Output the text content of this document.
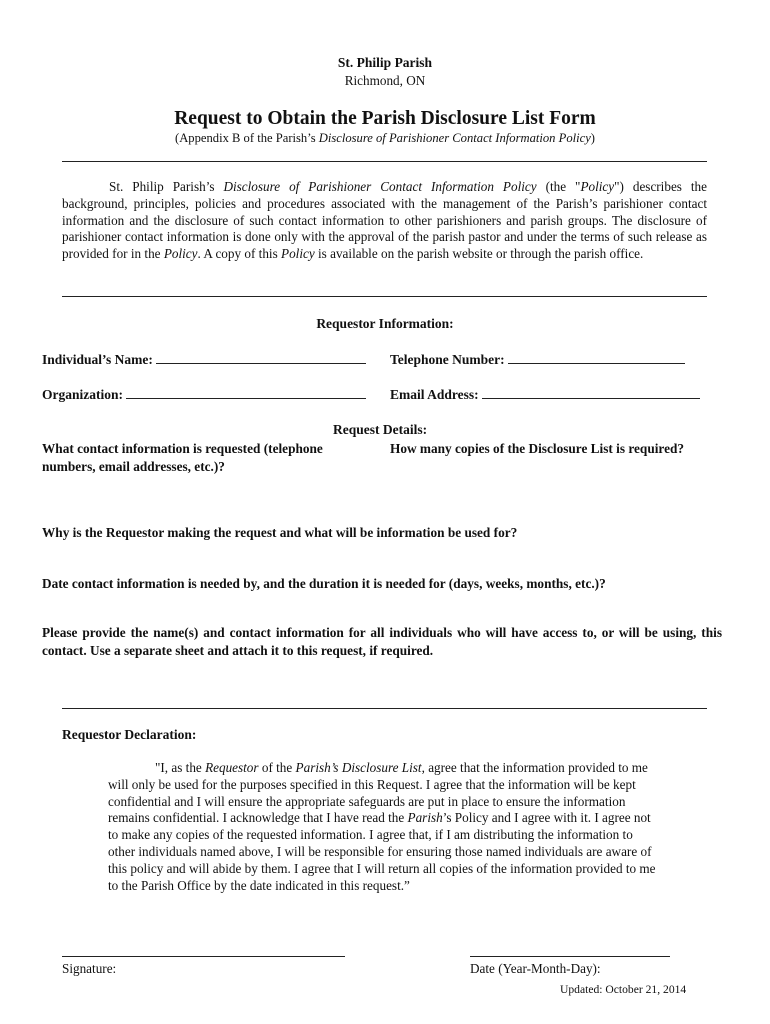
St. Philip Parish
Richmond, ON
Request to Obtain the Parish Disclosure List Form
(Appendix B of the Parish’s Disclosure of Parishioner Contact Information Policy)
St. Philip Parish’s Disclosure of Parishioner Contact Information Policy (the "Policy") describes the background, principles, policies and procedures associated with the management of the Parish’s parishioner contact information and the disclosure of such contact information to other parishioners and parish groups. The disclosure of parishioner contact information is done only with the approval of the parish pastor and under the terms of such release as provided for in the Policy. A copy of this Policy is available on the parish website or through the parish office.
Requestor Information:
Individual’s Name:	Telephone Number:
Organization:	Email Address:
Request Details:
What contact information is requested (telephone numbers, email addresses, etc.)?
How many copies of the Disclosure List is required?
Why is the Requestor making the request and what will be information be used for?
Date contact information is needed by, and the duration it is needed for (days, weeks, months, etc.)?
Please provide the name(s) and contact information for all individuals who will have access to, or will be using, this contact. Use a separate sheet and attach it to this request, if required.
Requestor Declaration:
"I, as the Requestor of the Parish’s Disclosure List, agree that the information provided to me will only be used for the purposes specified in this Request. I agree that the information will be kept confidential and I will ensure the appropriate safeguards are put in place to ensure the information remains confidential. I acknowledge that I have read the Parish’s Policy and I agree with it. I agree not to make any copies of the requested information. I agree that, if I am distributing the information to other individuals named above, I will be responsible for ensuring those named individuals are aware of this policy and will abide by them. I agree that I will return all copies of the information provided to me to the Parish Office by the date indicated in this request.”
Signature:	Date (Year-Month-Day):
Updated: October 21, 2014
